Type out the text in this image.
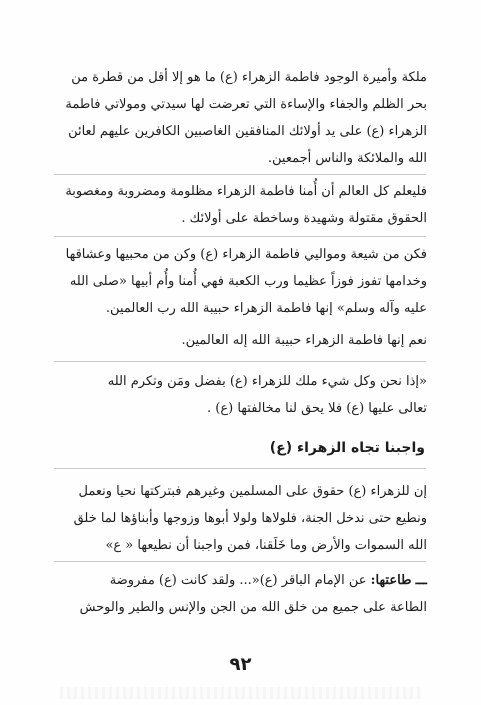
ملكة وأميرة الوجود فاطمة الزهراء (ع) ما هو إلا أقل من قطرة من

بحر الظلم والجفاء والإساءة التي تعرضت لها سيدتي ومولاتي فاطمة

الزهراء (ع) على يد أولائك المنافقين الغاصبين الكافرين عليهم لعائن

الله والملائكة والناس أجمعين.

فليعلم كل العالم أن أُمنا فاطمة الزهراء مظلومة ومضروبة ومغصوبة

الحقوق مقتولة وشهيدة وساخطة على أولائك .

فكن من شيعة ومواليي فاطمة الزهراء (ع) وكن من محبيها وعشاقها

وخدامها تفوز فوزاً عظيما ورب الكعبة فهي أُمنا وأُم أبيها «صلى الله

عليه وآله وسلم» إنها فاطمة الزهراء حبيبة الله رب العالمين.

نعم إنها فاطمة الزهراء حبيبة الله إله العالمين.

«إذا نحن وكل شيء ملك للزهراء (ع) بفضل ومَن وتكرم الله

تعالى عليها (ع) فلا يحق لنا مخالفتها (ع) .

واجبنا تجاه الزهراء (ع)

إن للزهراء (ع) حقوق على المسلمين وغيرهم فبتركتها نحيا ونعمل

ونطيع حتى ندخل الجنة، فلولاها ولولا أبوها وزوجها وأبناؤها لما خلق

الله السموات والأرض وما خَلَقنا، فمن واجبنا أن نطيعها « ع»

ـــ طاعتها: عن الإمام الباقر (ع)«... ولقد كانت (ع) مفروضة

الطاعة على جميع من خلق الله من الجن والإنس والطير والوحش

٩٢
